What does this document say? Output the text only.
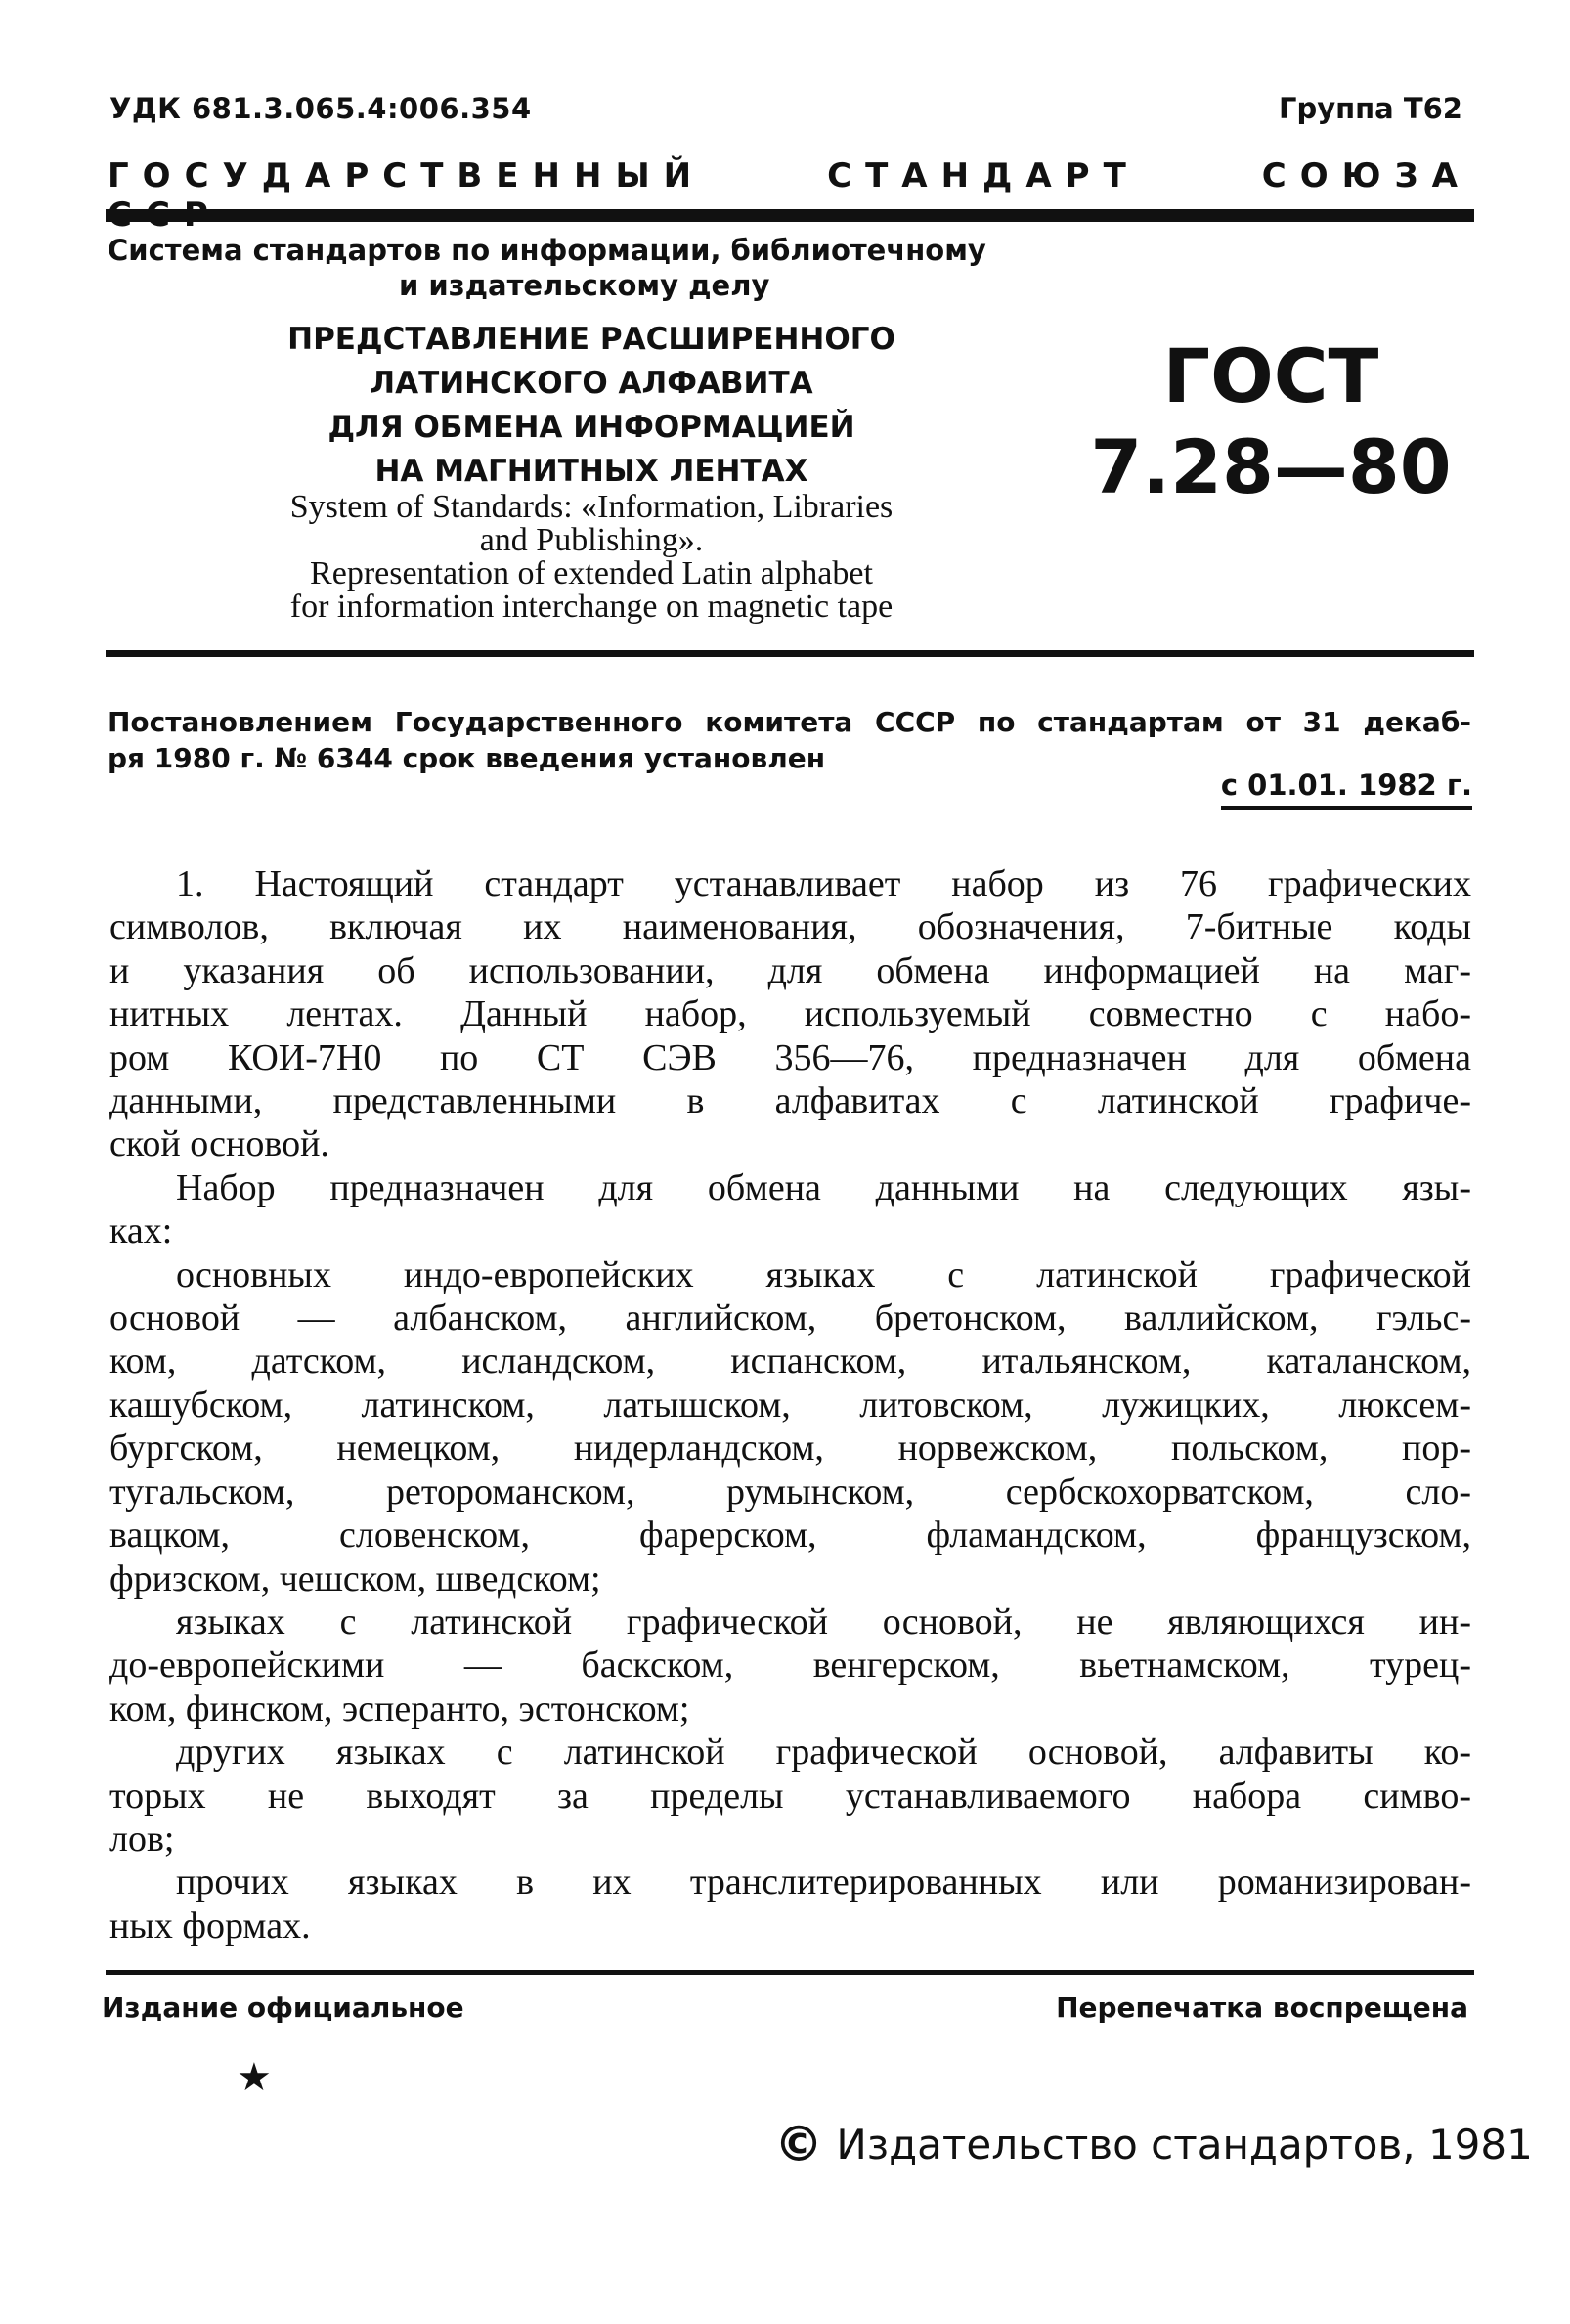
УДК 681.3.065.4:006.354	Группа Т62
ГОСУДАРСТВЕННЫЙ СТАНДАРТ СОЮЗА
Система стандартов по информации, библиотечному
и издательскому делу
ПРЕДСТАВЛЕНИЕ РАСШИРЕННОГО
ЛАТИНСКОГО АЛФАВИТА
ДЛЯ ОБМЕНА ИНФОРМАЦИЕЙ
НА МАГНИТНЫХ ЛЕНТАХ
System of Standards: «Information, Libraries
and Publishing».
Representation of extended Latin alphabet
for information interchange on magnetic tape
ГОСТ
7.28—80
Постановлением Государственного комитета СССР по стандартам от 31 декаб-
ря 1980 г. № 6344 срок введения установлен
с 01.01. 1982 г.
1. Настоящий стандарт устанавливает набор из 76 графических
символов, включая их наименования, обозначения, 7-битные коды
и указания об использовании, для обмена информацией на маг-
нитных лентах. Данный набор, используемый совместно с набо-
ром КОИ-7Н0 по СТ СЭВ 356—76, предназначен для обмена
данными, представленными в алфавитах с латинской графиче-
ской основой.
Набор предназначен для обмена данными на следующих язы-
ках:
основных индо-европейских языках с латинской графической
основой — албанском, английском, бретонском, валлийском, гэльс-
ком, датском, исландском, испанском, итальянском, каталанском,
кашубском, латинском, латышском, литовском, лужицких, люксем-
бургском, немецком, нидерландском, норвежском, польском, пор-
тугальском, ретороманском, румынском, сербскохорватском, сло-
вацком, словенском, фарерском, фламандском, французском,
фризском, чешском, шведском;
языках с латинской графической основой, не являющихся ин-
до-европейскими — баскском, венгерском, вьетнамском, турец-
ком, финском, эсперанто, эстонском;
других языках с латинской графической основой, алфавиты ко-
торых не выходят за пределы устанавливаемого набора симво-
лов;
прочих языках в их транслитерированных или романизирован-
ных формах.
Издание официальное	Перепечатка воспрещена
★
© Издательство стандартов, 1981
